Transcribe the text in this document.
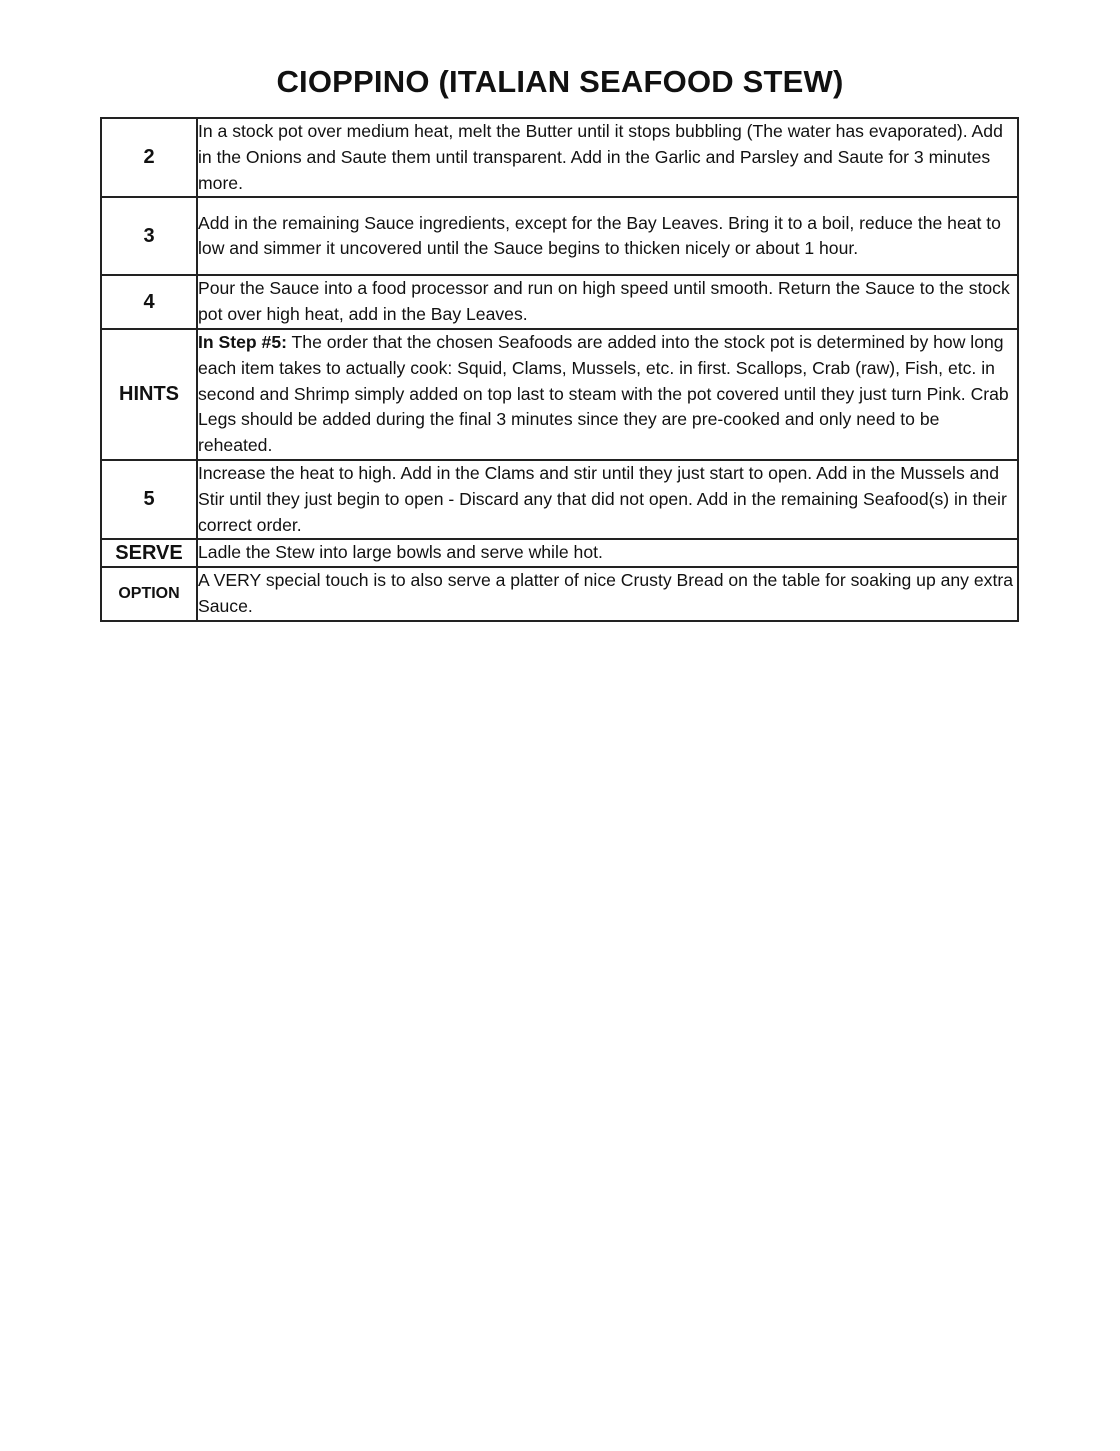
CIOPPINO (ITALIAN SEAFOOD STEW)
2	In a stock pot over medium heat, melt the Butter until it stops bubbling (The water has evaporated). Add in the Onions and Saute them until transparent. Add in the Garlic and Parsley and Saute for 3 minutes more.
3	Add in the remaining Sauce ingredients, except for the Bay Leaves. Bring it to a boil, reduce the heat to low and simmer it uncovered until the Sauce begins to thicken nicely or about 1 hour.
4	Pour the Sauce into a food processor and run on high speed until smooth. Return the Sauce to the stock pot over high heat, add in the Bay Leaves.
HINTS	In Step #5: The order that the chosen Seafoods are added into the stock pot is determined by how long each item takes to actually cook: Squid, Clams, Mussels, etc. in first. Scallops, Crab (raw), Fish, etc. in second and Shrimp simply added on top last to steam with the pot covered until they just turn Pink. Crab Legs should be added during the final 3 minutes since they are pre-cooked and only need to be reheated.
5	Increase the heat to high. Add in the Clams and stir until they just start to open. Add in the Mussels and Stir until they just begin to open - Discard any that did not open. Add in the remaining Seafood(s) in their correct order.
SERVE	Ladle the Stew into large bowls and serve while hot.
OPTION	A VERY special touch is to also serve a platter of nice Crusty Bread on the table for soaking up any extra Sauce.
